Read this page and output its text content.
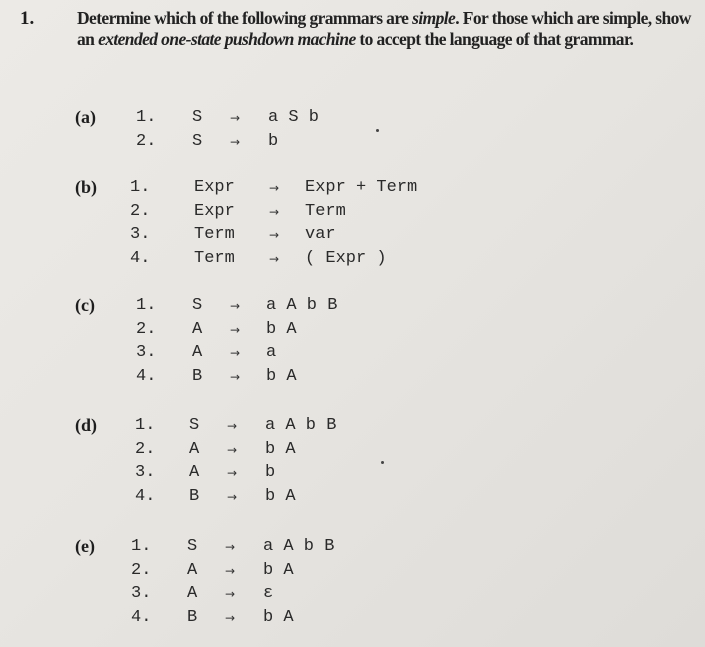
1. Determine which of the following grammars are simple. For those which are simple, show an extended one-state pushdown machine to accept the language of that grammar.
(a) 1. S → a S b
2. S → b
(b) 1.	Expr	→ Expr + Term
2.	Expr	→ Term
3.	Term	→ var
4.	Term	→ ( Expr )
(c) 1. S → a A b B
2. A → b A
3. A → a
4. B → b A
(d) 1. S → a A b B
2. A → b A
3. A → b
4. B → b A
(e) 1. S → a A b B
2. A → b A
3. A → ε
4. B → b A
